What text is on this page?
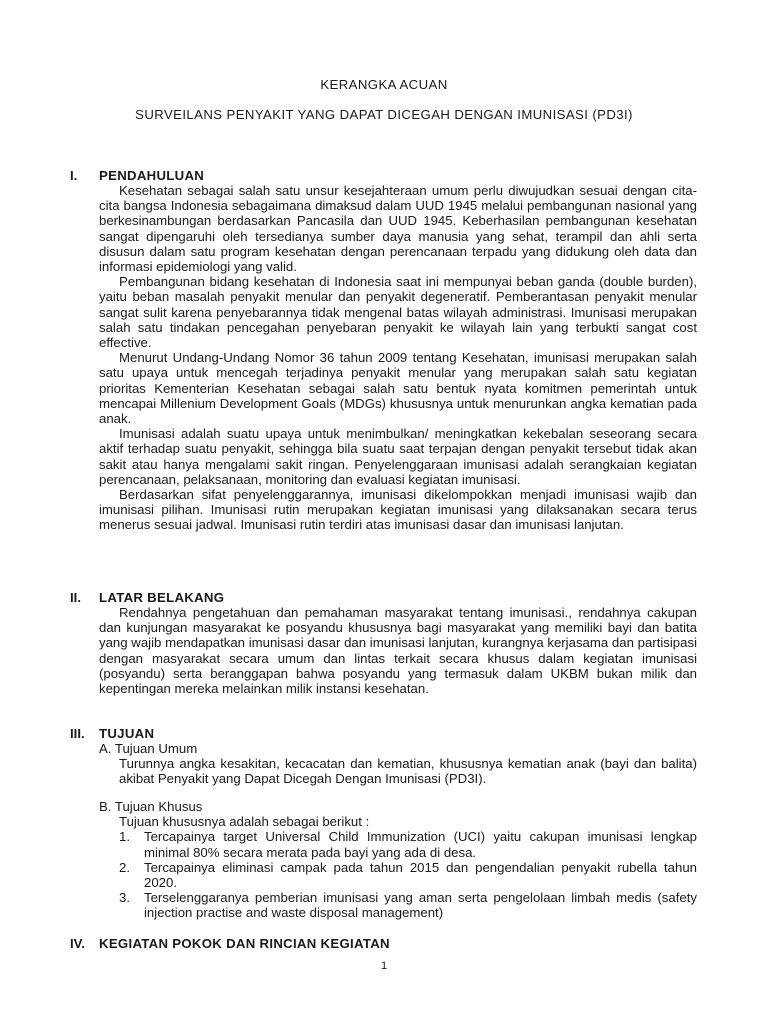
KERANGKA ACUAN
SURVEILANS PENYAKIT YANG DAPAT DICEGAH DENGAN IMUNISASI (PD3I)
I. PENDAHULUAN

Kesehatan sebagai salah satu unsur kesejahteraan umum perlu diwujudkan sesuai dengan cita-cita bangsa Indonesia sebagaimana dimaksud dalam UUD 1945 melalui pembangunan nasional yang berkesinambungan berdasarkan Pancasila dan UUD 1945. Keberhasilan pembangunan kesehatan sangat dipengaruhi oleh tersedianya sumber daya manusia yang sehat, terampil dan ahli serta disusun dalam satu program kesehatan dengan perencanaan terpadu yang didukung oleh data dan informasi epidemiologi yang valid.

Pembangunan bidang kesehatan di Indonesia saat ini mempunyai beban ganda (double burden), yaitu beban masalah penyakit menular dan penyakit degeneratif. Pemberantasan penyakit menular sangat sulit karena penyebarannya tidak mengenal batas wilayah administrasi. Imunisasi merupakan salah satu tindakan pencegahan penyebaran penyakit ke wilayah lain yang terbukti sangat cost effective.

Menurut Undang-Undang Nomor 36 tahun 2009 tentang Kesehatan, imunisasi merupakan salah satu upaya untuk mencegah terjadinya penyakit menular yang merupakan salah satu kegiatan prioritas Kementerian Kesehatan sebagai salah satu bentuk nyata komitmen pemerintah untuk mencapai Millenium Development Goals (MDGs) khususnya untuk menurunkan angka kematian pada anak.

Imunisasi adalah suatu upaya untuk menimbulkan/ meningkatkan kekebalan seseorang secara aktif terhadap suatu penyakit, sehingga bila suatu saat terpajan dengan penyakit tersebut tidak akan sakit atau hanya mengalami sakit ringan. Penyelenggaraan imunisasi adalah serangkaian kegiatan perencanaan, pelaksanaan, monitoring dan evaluasi kegiatan imunisasi.

Berdasarkan sifat penyelenggarannya, imunisasi dikelompokkan menjadi imunisasi wajib dan imunisasi pilihan. Imunisasi rutin merupakan kegiatan imunisasi yang dilaksanakan secara terus menerus sesuai jadwal. Imunisasi rutin terdiri atas imunisasi dasar dan imunisasi lanjutan.

II. LATAR BELAKANG

Rendahnya pengetahuan dan pemahaman masyarakat tentang imunisasi., rendahnya cakupan dan kunjungan masyarakat ke posyandu khususnya bagi masyarakat yang memiliki bayi dan batita yang wajib mendapatkan imunisasi dasar dan imunisasi lanjutan, kurangnya kerjasama dan partisipasi dengan masyarakat secara umum dan lintas terkait secara khusus dalam kegiatan imunisasi (posyandu) serta beranggapan bahwa posyandu yang termasuk dalam UKBM bukan milik dan kepentingan mereka melainkan milik instansi kesehatan.

III. TUJUAN

A. Tujuan Umum

Turunnya angka kesakitan, kecacatan dan kematian, khususnya kematian anak (bayi dan balita) akibat Penyakit yang Dapat Dicegah Dengan Imunisasi (PD3I).

B. Tujuan Khusus

Tujuan khususnya adalah sebagai berikut :

1. Tercapainya target Universal Child Immunization (UCI) yaitu cakupan imunisasi lengkap minimal 80% secara merata pada bayi yang ada di desa.
2. Tercapainya eliminasi campak pada tahun 2015 dan pengendalian penyakit rubella tahun 2020.
3. Terselenggaranya pemberian imunisasi yang aman serta pengelolaan limbah medis (safety injection practise and waste disposal management)
IV. KEGIATAN POKOK DAN RINCIAN KEGIATAN
1
